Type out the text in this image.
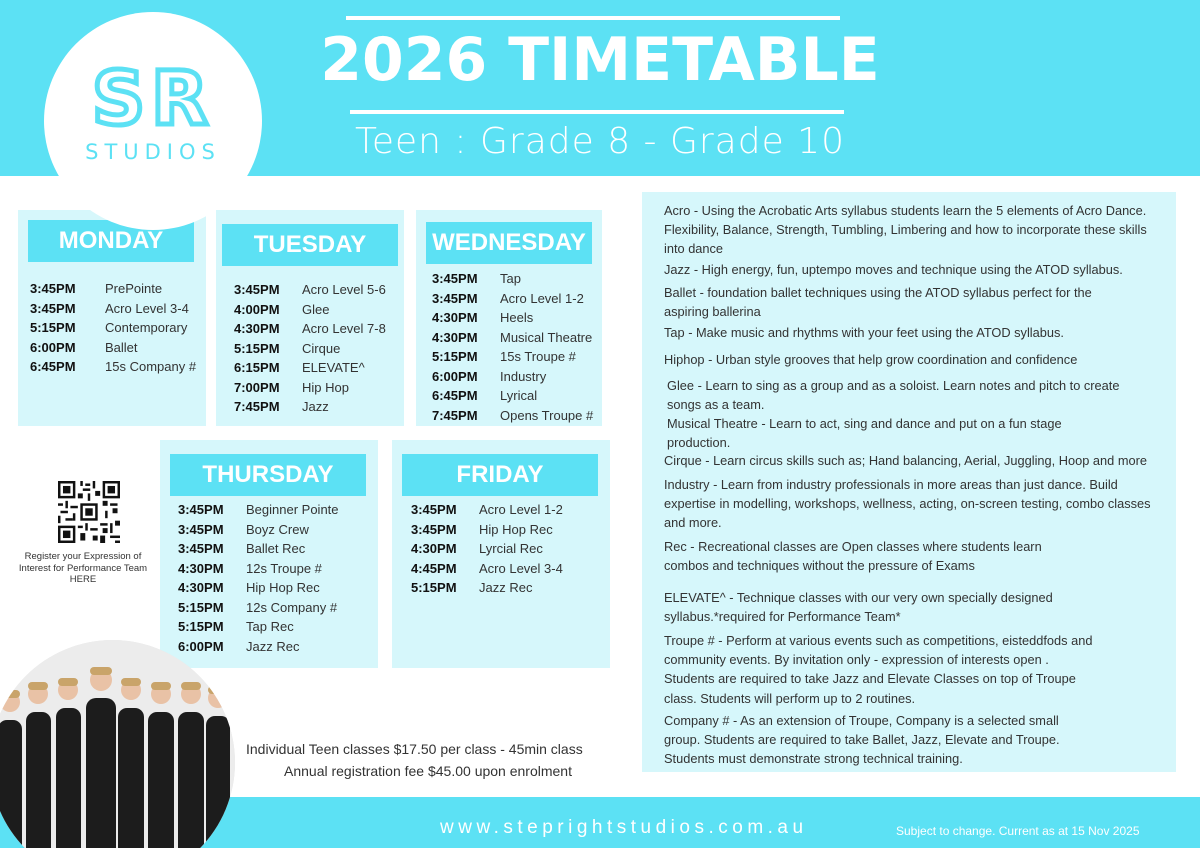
SR
STUDIOS
2026 TIMETABLE
Teen : Grade 8 - Grade 10
MONDAY
3:45PM	PrePointe
3:45PM	Acro Level 3-4
5:15PM	Contemporary
6:00PM	Ballet
6:45PM	15s Company #
TUESDAY
3:45PM	Acro Level 5-6
4:00PM	Glee
4:30PM	Acro Level 7-8
5:15PM	Cirque
6:15PM	ELEVATE^
7:00PM	Hip Hop
7:45PM	Jazz
WEDNESDAY
3:45PM	Tap
3:45PM	Acro Level 1-2
4:30PM	Heels
4:30PM	Musical Theatre
5:15PM	15s Troupe #
6:00PM	Industry
6:45PM	Lyrical
7:45PM	Opens Troupe #
THURSDAY
3:45PM	Beginner Pointe
3:45PM	Boyz Crew
3:45PM	Ballet Rec
4:30PM	12s Troupe #
4:30PM	Hip Hop Rec
5:15PM	12s Company #
5:15PM	Tap Rec
6:00PM	Jazz Rec
FRIDAY
3:45PM	Acro Level 1-2
3:45PM	Hip Hop Rec
4:30PM	Lyrcial Rec
4:45PM	Acro Level 3-4
5:15PM	Jazz Rec
Acro - Using the Acrobatic Arts syllabus students learn the 5 elements of Acro Dance. Flexibility, Balance, Strength, Tumbling, Limbering and how to incorporate these skills into dance
Jazz - High energy, fun, uptempo moves and technique using the ATOD syllabus.
Ballet - foundation ballet techniques using the ATOD syllabus perfect for the aspiring ballerina
Tap - Make music and rhythms with your feet using the ATOD syllabus.
Hiphop - Urban style grooves that help grow coordination and confidence
Glee - Learn to sing as a group and as a soloist. Learn notes and pitch to create songs as a team.
Musical Theatre - Learn to act, sing and dance and put on a fun stage production.
Cirque - Learn circus skills such as; Hand balancing, Aerial, Juggling, Hoop and more
Industry - Learn from industry professionals in more areas than just dance. Build expertise in modelling, workshops, wellness, acting, on-screen testing, combo classes and more.
Rec - Recreational classes are Open classes where students learn combos and techniques without the pressure of Exams
ELEVATE^ - Technique classes with our very own specially designed syllabus.*required for Performance Team*
Troupe # - Perform at various events such as competitions, eisteddfods and community events. By invitation only - expression of interests open . Students are required to take Jazz and Elevate Classes on top of Troupe class. Students will perform up to 2 routines.
Company # - As an extension of Troupe, Company is a selected small group. Students are required to take Ballet, Jazz, Elevate and Troupe. Students must demonstrate strong technical training.
Register your Expression of Interest for Performance Team HERE
Individual Teen classes $17.50 per class - 45min class
Annual registration fee $45.00 upon enrolment
www.steprightstudios.com.au	Subject to change. Current as at 15 Nov 2025
